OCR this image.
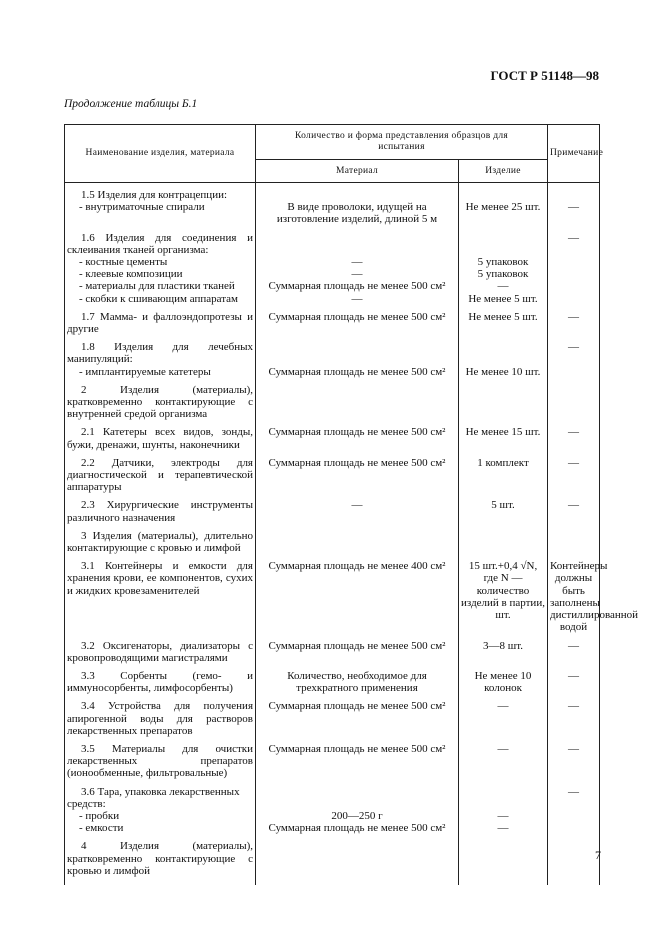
ГОСТ Р 51148—98
Продолжение таблицы Б.1
Наименование изделия, материала	Количество и форма представления образцов для испытания		Примечание
	Материал	Изделие	

1.5 Изделия для контрацепции:			
- внутриматочные спирали	В виде проволоки, идущей на изготовление изделий, длиной 5 м	Не менее 25 шт.	—

1.6 Изделия для соединения и склеивания тканей организма:			—
- костные цементы	—	5 упаковок	
- клеевые композиции	—	5 упаковок	
- материалы для пластики тканей	Суммарная площадь не менее 500 см²	—	
- скобки к сшивающим аппаратам	—	Не менее 5 шт.	

1.7 Мамма- и фаллоэндопротезы и другие	Суммарная площадь не менее 500 см²	Не менее 5 шт.	—

1.8 Изделия для лечебных манипуляций:			—
- имплантируемые катетеры	Суммарная площадь не менее 500 см²	Не менее 10 шт.	

2 Изделия (материалы), кратковременно контактирующие с внутренней средой организма			

2.1 Катетеры всех видов, зонды, бужи, дренажи, шунты, наконечники	Суммарная площадь не менее 500 см²	Не менее 15 шт.	—

2.2 Датчики, электроды для диагностической и терапевтической аппаратуры	Суммарная площадь не менее 500 см²	1 комплект	—

2.3 Хирургические инструменты различного назначения	—	5 шт.	—

3 Изделия (материалы), длительно контактирующие с кровью и лимфой			

3.1 Контейнеры и емкости для хранения крови, ее компонентов, сухих и жидких кровезаменителей	Суммарная площадь не менее 400 см²	15 шт.+0,4 √N, где N — количество изделий в партии, шт.	Контейнеры должны быть заполнены дистиллированной водой

3.2 Оксигенаторы, диализаторы с кровопроводящими магистралями	Суммарная площадь не менее 500 см²	3—8 шт.	—

3.3 Сорбенты (гемо- и иммуносорбенты, лимфосорбенты)	Количество, необходимое для трехкратного применения	Не менее 10 колонок	—

3.4 Устройства для получения апирогенной воды для растворов лекарственных препаратов	Суммарная площадь не менее 500 см²	—	—

3.5 Материалы для очистки лекарственных препаратов (ионообменные, фильтровальные)	Суммарная площадь не менее 500 см²	—	—

3.6 Тара, упаковка лекарственных средств:			—
- пробки	200—250 г	—	
- емкости	Суммарная площадь не менее 500 см²	—	

4 Изделия (материалы), кратковременно контактирующие с кровью и лимфой			

7
